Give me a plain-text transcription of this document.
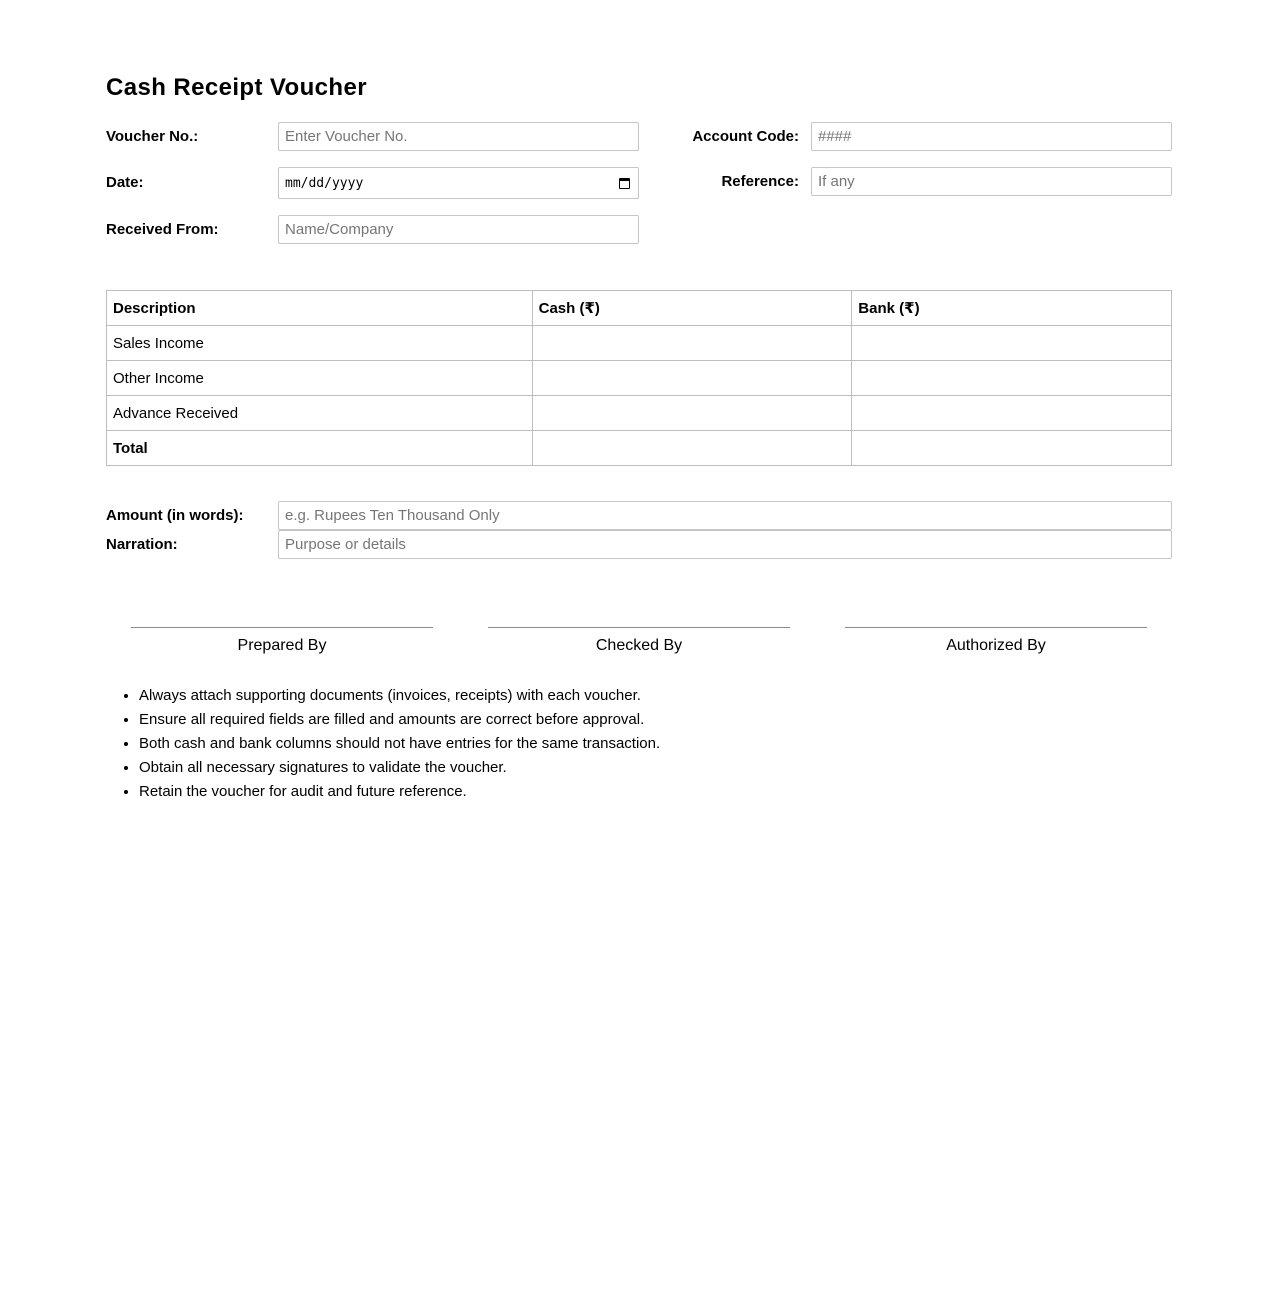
Cash Receipt Voucher
Voucher No.:
Enter Voucher No.	Account Code:
####
Date:	mm/dd/yyyy	Reference:
If any
Received From:
Name/Company
Description	Cash (₹)	Bank (₹)
Sales Income		
Other Income		
Advance Received		
Total		
Amount (in words):
e.g. Rupees Ten Thousand Only
Narration:
Purpose or details
Prepared By	Checked By	Authorized By
• Always attach supporting documents (invoices, receipts) with each voucher.
• Ensure all required fields are filled and amounts are correct before approval.
• Both cash and bank columns should not have entries for the same transaction.
• Obtain all necessary signatures to validate the voucher.
• Retain the voucher for audit and future reference.
